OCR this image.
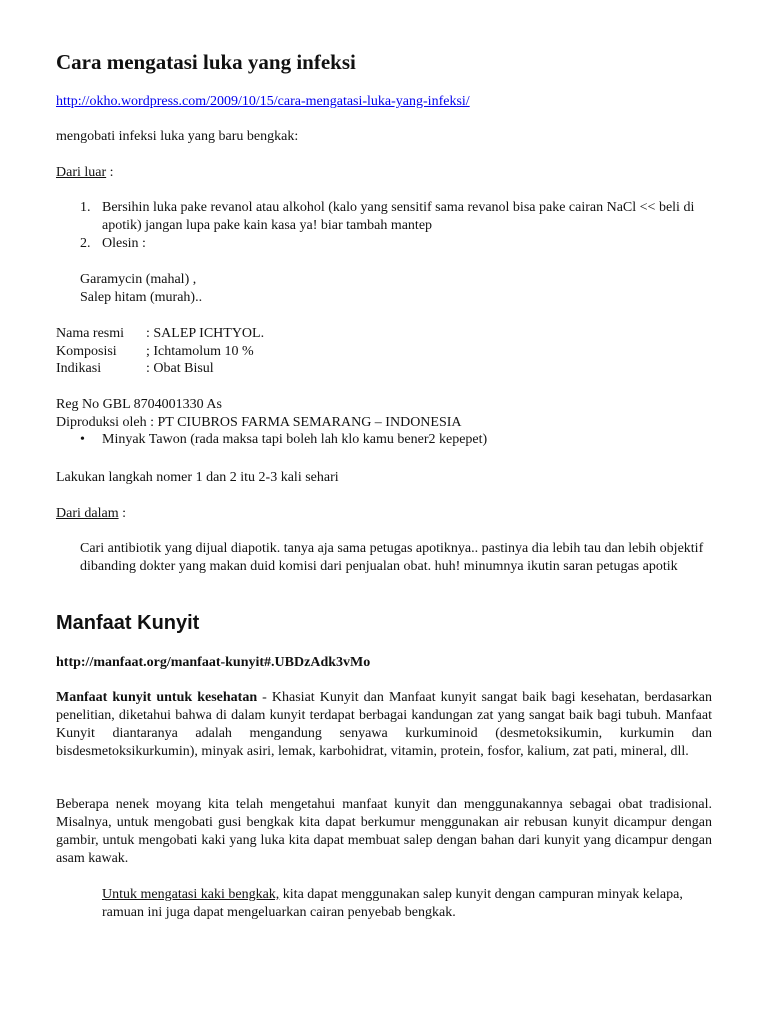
Cara mengatasi luka yang infeksi
http://okho.wordpress.com/2009/10/15/cara-mengatasi-luka-yang-infeksi/
mengobati infeksi luka yang baru bengkak:
Dari luar :
1. Bersihin luka pake revanol atau alkohol (kalo yang sensitif sama revanol bisa pake cairan NaCl << beli di apotik) jangan lupa pake kain kasa ya! biar tambah mantep
2. Olesin :
Garamycin (mahal) ,
Salep hitam (murah)..
Nama resmi : SALEP ICHTYOL.
Komposisi ; Ichtamolum 10 %
Indikasi	: Obat Bisul
Reg No GBL 8704001330 As
Diproduksi oleh : PT CIUBROS FARMA SEMARANG – INDONESIA
• Minyak Tawon (rada maksa tapi boleh lah klo kamu bener2 kepepet)
Lakukan langkah nomer 1 dan 2 itu 2-3 kali sehari
Dari dalam :
Cari antibiotik yang dijual diapotik. tanya aja sama petugas apotiknya.. pastinya dia lebih tau dan lebih objektif dibanding dokter yang makan duid komisi dari penjualan obat. huh! minumnya ikutin saran petugas apotik
Manfaat Kunyit
http://manfaat.org/manfaat-kunyit#.UBDzAdk3vMo
Manfaat kunyit untuk kesehatan - Khasiat Kunyit dan Manfaat kunyit sangat baik bagi kesehatan, berdasarkan penelitian, diketahui bahwa di dalam kunyit terdapat berbagai kandungan zat yang sangat baik bagi tubuh. Manfaat Kunyit diantaranya adalah mengandung senyawa kurkuminoid (desmetoksikumin, kurkumin dan bisdesmetoksikurkumin), minyak asiri, lemak, karbohidrat, vitamin, protein, fosfor, kalium, zat pati, mineral, dll.
Beberapa nenek moyang kita telah mengetahui manfaat kunyit dan menggunakannya sebagai obat tradisional. Misalnya, untuk mengobati gusi bengkak kita dapat berkumur menggunakan air rebusan kunyit dicampur dengan gambir, untuk mengobati kaki yang luka kita dapat membuat salep dengan bahan dari kunyit yang dicampur dengan asam kawak.
Untuk mengatasi kaki bengkak, kita dapat menggunakan salep kunyit dengan campuran minyak kelapa, ramuan ini juga dapat mengeluarkan cairan penyebab bengkak.
